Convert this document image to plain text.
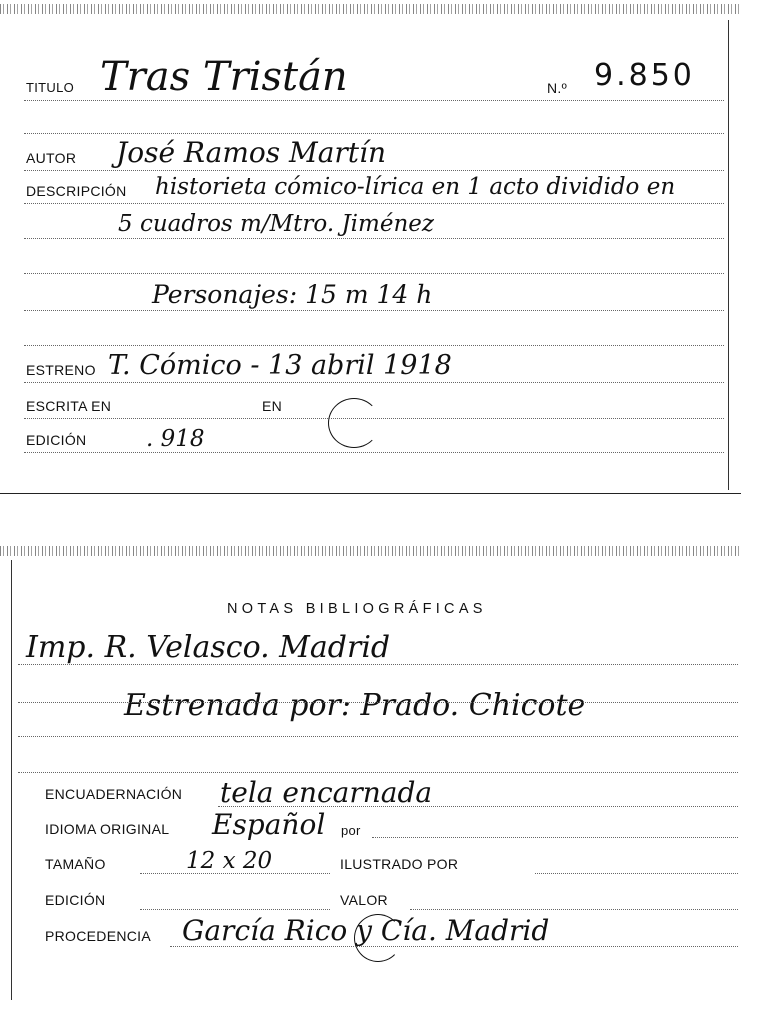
TITULO Tras Tristán	N.º 9.850
AUTOR José Ramos Martín
DESCRIPCIÓN historieta cómico-lírica en 1 acto dividido en
5 cuadros m/Mtro. Jiménez
Personajes: 15 m 14 h
ESTRENO T. Cómico - 13 abril 1918
ESCRITA EN	EN
EDICIÓN	. 918
NOTAS BIBLIOGRÁFICAS
Imp. R. Velasco. Madrid
Estrenada por: Prado. Chicote
ENCUADERNACIÓN tela encarnada
IDIOMA ORIGINAL Español por
TAMAÑO	12 x 20	ILUSTRADO POR
EDICIÓN	VALOR
PROCEDENCIA García Rico y Cía. Madrid
